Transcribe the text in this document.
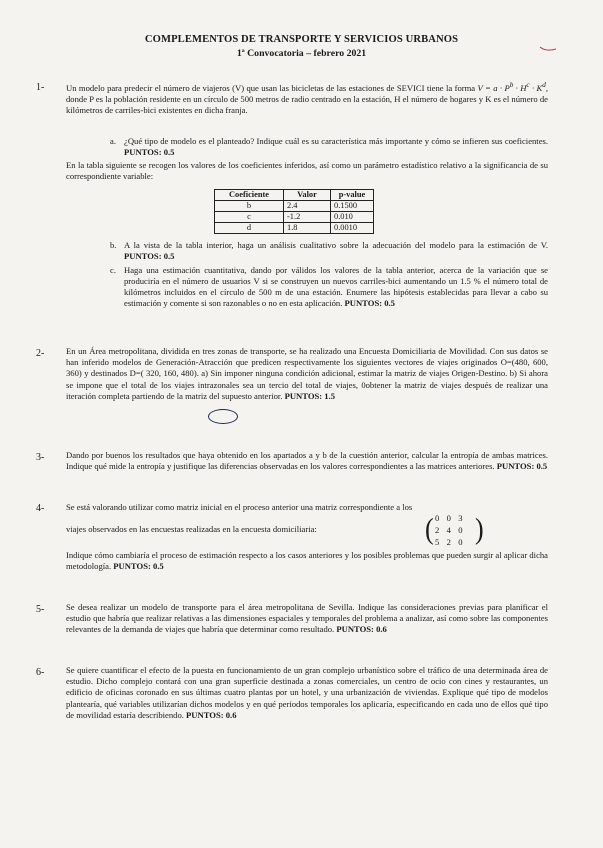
COMPLEMENTOS DE TRANSPORTE Y SERVICIOS URBANOS
1ª Convocatoria – febrero 2021
1-	Un modelo para predecir el número de viajeros (V) que usan las bicicletas de las estaciones de SEVICI tiene la forma $V = a \cdot P^b \cdot H^c \cdot K^d$, donde P es la población residente en un círculo de 500 metros de radio centrado en la estación, H el número de hogares y K es el número de kilómetros de carriles-bici existentes en dicha franja.
a. ¿Qué tipo de modelo es el planteado? Indique cuál es su característica más importante y cómo se infieren sus coeficientes. PUNTOS: 0.5
En la tabla siguiente se recogen los valores de los coeficientes inferidos, así como un parámetro estadístico relativo a la significancia de su correspondiente variable:
Coeficiente	Valor	p-value
b	2.4	0.1500
c	-1.2	0.010
d	1.8	0.0010
b. A la vista de la tabla interior, haga un análisis cualitativo sobre la adecuación del modelo para la estimación de V. PUNTOS: 0.5
c. Haga una estimación cuantitativa, dando por válidos los valores de la tabla anterior, acerca de la variación que se produciría en el número de usuarios V si se construyen un nuevos carriles-bici aumentando un 1.5 % el número total de kilómetros incluidos en el círculo de 500 m de una estación. Enumere las hipótesis establecidas para llevar a cabo su estimación y comente si son razonables o no en esta aplicación. PUNTOS: 0.5
2-	En un Área metropolitana, dividida en tres zonas de transporte, se ha realizado una Encuesta Domiciliaria de Movilidad. Con sus datos se han inferido modelos de Generación-Atracción que predicen respectivamente los siguientes vectores de viajes originados O=(480, 600, 360) y destinados D=( 320, 160, 480). a) Sin imponer ninguna condición adicional, estimar la matriz de viajes Origen-Destino. b) Si ahora se impone que el total de los viajes intrazonales sea un tercio del total de viajes, 0obtener la matriz de viajes después de realizar una iteración completa partiendo de la matriz del supuesto anterior. PUNTOS: 1.5
3-	Dando por buenos los resultados que haya obtenido en los apartados a y b de la cuestión anterior, calcular la entropía de ambas matrices. Indique qué mide la entropía y justifique las diferencias observadas en los valores correspondientes a las matrices anteriores. PUNTOS: 0.5
4-	Se está valorando utilizar como matriz inicial en el proceso anterior una matriz correspondiente a los
viajes observados en las encuestas realizadas en la encuesta domiciliaria:	( 0  0  3
2  4  0
5  2  0 )
Indique cómo cambiaría el proceso de estimación respecto a los casos anteriores y los posibles problemas que pueden surgir al aplicar dicha metodología. PUNTOS: 0.5
5-	Se desea realizar un modelo de transporte para el área metropolitana de Sevilla. Indique las consideraciones previas para planificar el estudio que habría que realizar relativas a las dimensiones espaciales y temporales del problema a analizar, así como sobre las componentes relevantes de la demanda de viajes que habría que determinar como resultado. PUNTOS: 0.6
6-	Se quiere cuantificar el efecto de la puesta en funcionamiento de un gran complejo urbanístico sobre el tráfico de una determinada área de estudio. Dicho complejo contará con una gran superficie destinada a zonas comerciales, un centro de ocio con cines y restaurantes, un edificio de oficinas coronado en sus últimas cuatro plantas por un hotel, y una urbanización de viviendas. Explique qué tipo de modelos plantearía, qué variables utilizarían dichos modelos y en qué periodos temporales los aplicaría, especificando en cada uno de ellos qué tipo de movilidad estaría describiendo. PUNTOS: 0.6
